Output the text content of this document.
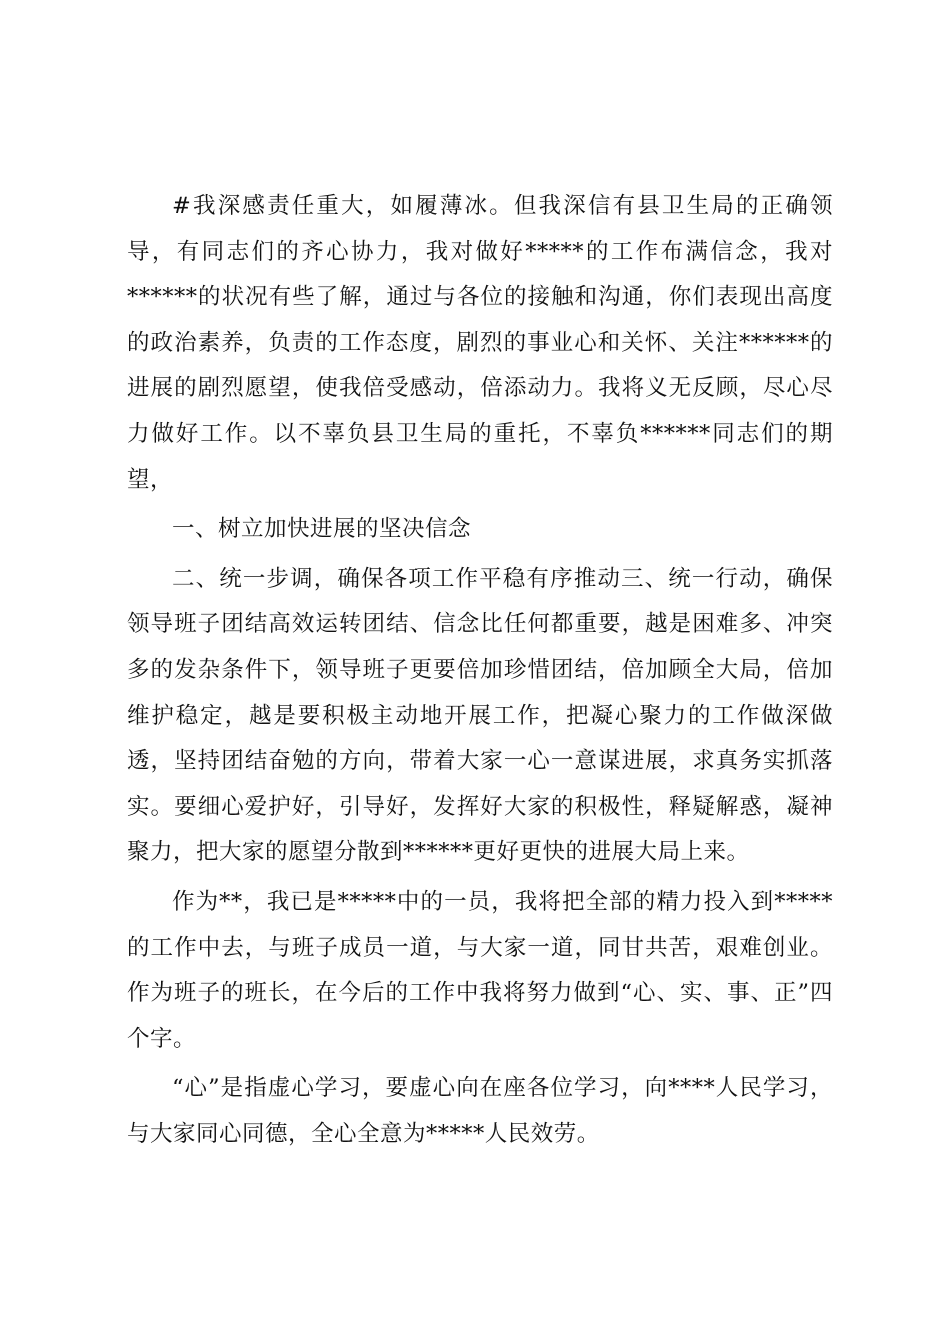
#我深感责任重大，如履薄冰。但我深信有县卫生局的正确领导，有同志们的齐心协力，我对做好*****的工作布满信念，我对******的状况有些了解，通过与各位的接触和沟通，你们表现出高度的政治素养，负责的工作态度，剧烈的事业心和关怀、关注******的进展的剧烈愿望，使我倍受感动，倍添动力。我将义无反顾，尽心尽力做好工作。以不辜负县卫生局的重托，不辜负******同志们的期望，

一、树立加快进展的坚决信念

二、统一步调，确保各项工作平稳有序推动三、统一行动，确保领导班子团结高效运转团结、信念比任何都重要，越是困难多、冲突多的发杂条件下，领导班子更要倍加珍惜团结，倍加顾全大局，倍加维护稳定，越是要积极主动地开展工作，把凝心聚力的工作做深做透，坚持团结奋勉的方向，带着大家一心一意谋进展，求真务实抓落实。要细心爱护好，引导好，发挥好大家的积极性，释疑解惑，凝神聚力，把大家的愿望分散到******更好更快的进展大局上来。

作为**，我已是*****中的一员，我将把全部的精力投入到*****的工作中去，与班子成员一道，与大家一道，同甘共苦，艰难创业。作为班子的班长，在今后的工作中我将努力做到“心、实、事、正”四个字。

“心”是指虚心学习，要虚心向在座各位学习，向****人民学习，与大家同心同德，全心全意为*****人民效劳。
